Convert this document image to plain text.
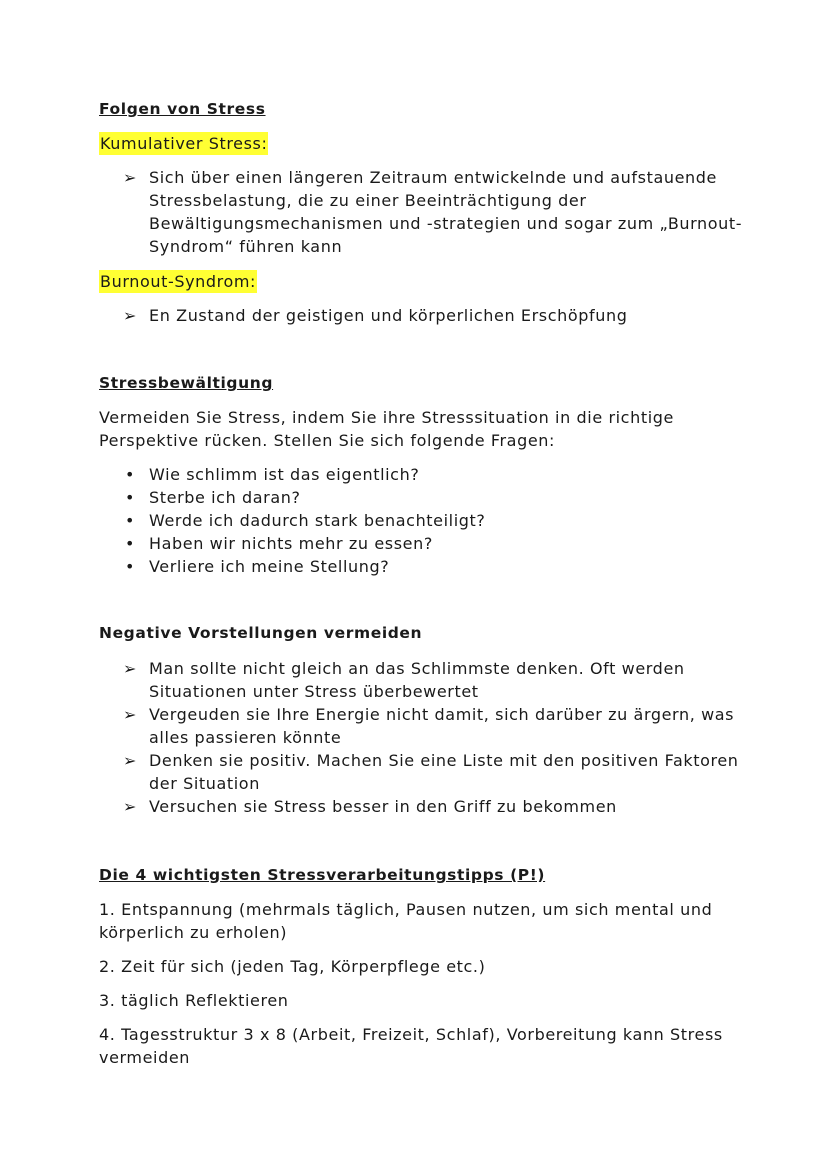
Folgen von Stress

Kumulativer Stress:
➢ Sich über einen längeren Zeitraum entwickelnde und aufstauende Stressbelastung, die zu einer Beeinträchtigung der Bewältigungsmechanismen und -strategien und sogar zum „Burnout-Syndrom“ führen kann
Burnout-Syndrom:
➢ En Zustand der geistigen und körperlichen Erschöpfung

Stressbewältigung

Vermeiden Sie Stress, indem Sie ihre Stresssituation in die richtige Perspektive rücken. Stellen Sie sich folgende Fragen:

• Wie schlimm ist das eigentlich?
• Sterbe ich daran?
• Werde ich dadurch stark benachteiligt?
• Haben wir nichts mehr zu essen?
• Verliere ich meine Stellung?

Negative Vorstellungen vermeiden

➢ Man sollte nicht gleich an das Schlimmste denken. Oft werden Situationen unter Stress überbewertet
➢ Vergeuden sie Ihre Energie nicht damit, sich darüber zu ärgern, was alles passieren könnte
➢ Denken sie positiv. Machen Sie eine Liste mit den positiven Faktoren der Situation
➢ Versuchen sie Stress besser in den Griff zu bekommen

Die 4 wichtigsten Stressverarbeitungstipps (P!)

1. Entspannung (mehrmals täglich, Pausen nutzen, um sich mental und körperlich zu erholen)

2. Zeit für sich (jeden Tag, Körperpflege etc.)

3. täglich Reflektieren

4. Tagesstruktur 3 x 8 (Arbeit, Freizeit, Schlaf), Vorbereitung kann Stress vermeiden
